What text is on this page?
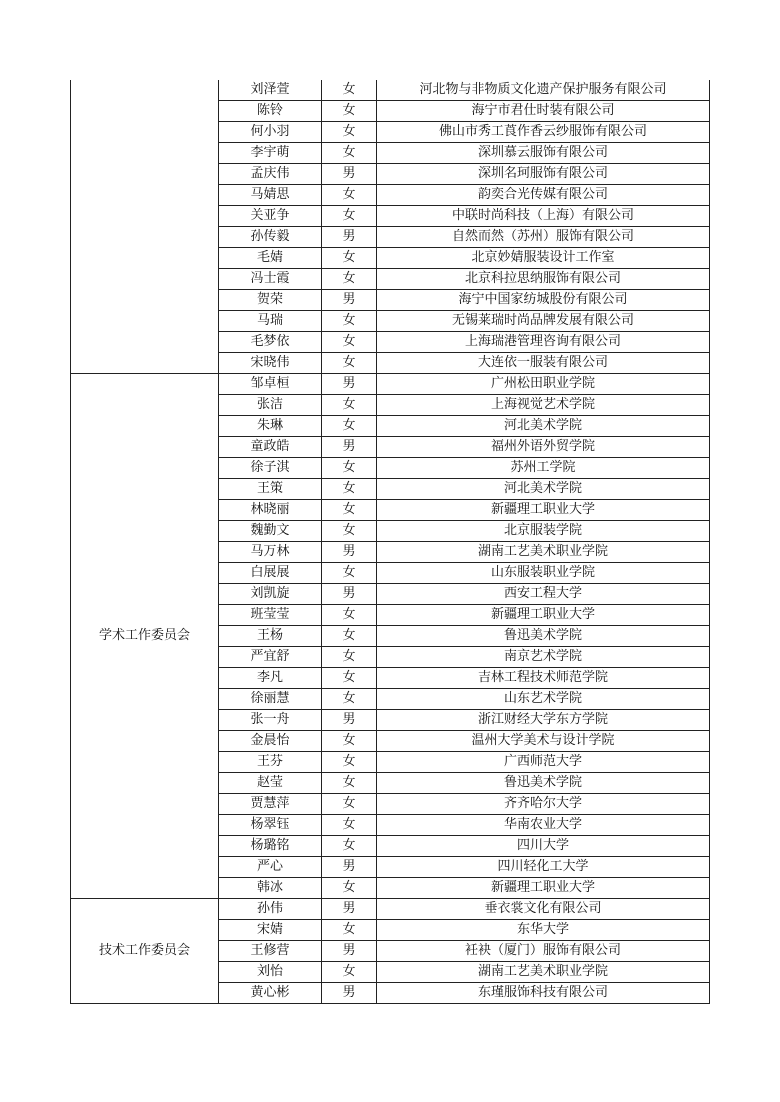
	刘泽萱	女	河北物与非物质文化遗产保护服务有限公司
	陈铃	女	海宁市君仕时装有限公司
	何小羽	女	佛山市秀工莨作香云纱服饰有限公司
	李宇萌	女	深圳慕云服饰有限公司
	孟庆伟	男	深圳名珂服饰有限公司
	马婧思	女	韵奕合光传媒有限公司
	关亚争	女	中联时尚科技（上海）有限公司
	孙传毅	男	自然而然（苏州）服饰有限公司
	毛婧	女	北京妙婧服装设计工作室
	冯士霞	女	北京科拉思纳服饰有限公司
	贺荣	男	海宁中国家纺城股份有限公司
	马瑞	女	无锡莱瑞时尚品牌发展有限公司
	毛梦依	女	上海瑞港管理咨询有限公司
	宋晓伟	女	大连依一服装有限公司
学术工作委员会	邹卓桓	男	广州松田职业学院
	张洁	女	上海视觉艺术学院
	朱琳	女	河北美术学院
	童政皓	男	福州外语外贸学院
	徐子淇	女	苏州工学院
	王策	女	河北美术学院
	林晓丽	女	新疆理工职业大学
	魏勤文	女	北京服装学院
	马万林	男	湖南工艺美术职业学院
	白展展	女	山东服装职业学院
	刘凯旋	男	西安工程大学
	班莹莹	女	新疆理工职业大学
	王杨	女	鲁迅美术学院
	严宜舒	女	南京艺术学院
	李凡	女	吉林工程技术师范学院
	徐丽慧	女	山东艺术学院
	张一舟	男	浙江财经大学东方学院
	金晨怡	女	温州大学美术与设计学院
	王芬	女	广西师范大学
	赵莹	女	鲁迅美术学院
	贾慧萍	女	齐齐哈尔大学
	杨翠钰	女	华南农业大学
	杨璐铭	女	四川大学
	严心	男	四川轻化工大学
	韩冰	女	新疆理工职业大学
技术工作委员会	孙伟	男	垂衣裳文化有限公司
	宋婧	女	东华大学
	王修营	男	衽袂（厦门）服饰有限公司
	刘怡	女	湖南工艺美术职业学院
	黄心彬	男	东瑾服饰科技有限公司
